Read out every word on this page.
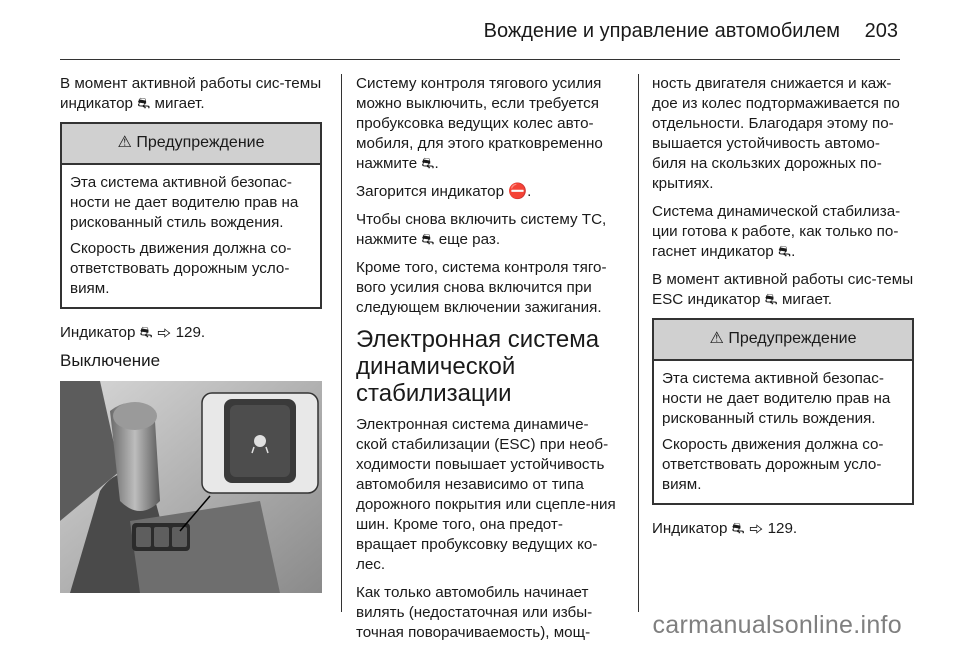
Вождение и управление автомобилем 203

В момент активной работы сис-темы индикатор ⛐ мигает.

⚠ Предупреждение

Эта система активной безопас-ности не дает водителю прав на рискованный стиль вождения.

Скорость движения должна со-ответствовать дорожным усло-виям.

Индикатор ⛐ ⇨ 129.

Выключение

Систему контроля тягового усилия можно выключить, если требуется пробуксовка ведущих колес авто-мобиля, для этого кратковременно нажмите ⛐.

Загорится индикатор ⛔.

Чтобы снова включить систему TC, нажмите ⛐ еще раз.

Кроме того, система контроля тяго-вого усилия снова включится при следующем включении зажигания.

Электронная система динамической стабилизации

Электронная система динамиче-ской стабилизации (ESC) при необ-ходимости повышает устойчивость автомобиля независимо от типа дорожного покрытия или сцепле-ния шин. Кроме того, она предот-вращает пробуксовку ведущих ко-лес.

Как только автомобиль начинает вилять (недостаточная или избы-точная поворачиваемость), мощ-

ность двигателя снижается и каж-дое из колес подтормаживается по отдельности. Благодаря этому по-вышается устойчивость автомо-биля на скользких дорожных по-крытиях.

Система динамической стабилиза-ции готова к работе, как только по-гаснет индикатор ⛐.

В момент активной работы сис-темы ESC индикатор ⛐ мигает.

⚠ Предупреждение

Эта система активной безопас-ности не дает водителю прав на рискованный стиль вождения.

Скорость движения должна со-ответствовать дорожным усло-виям.

Индикатор ⛐ ⇨ 129.

carmanualsonline.info
